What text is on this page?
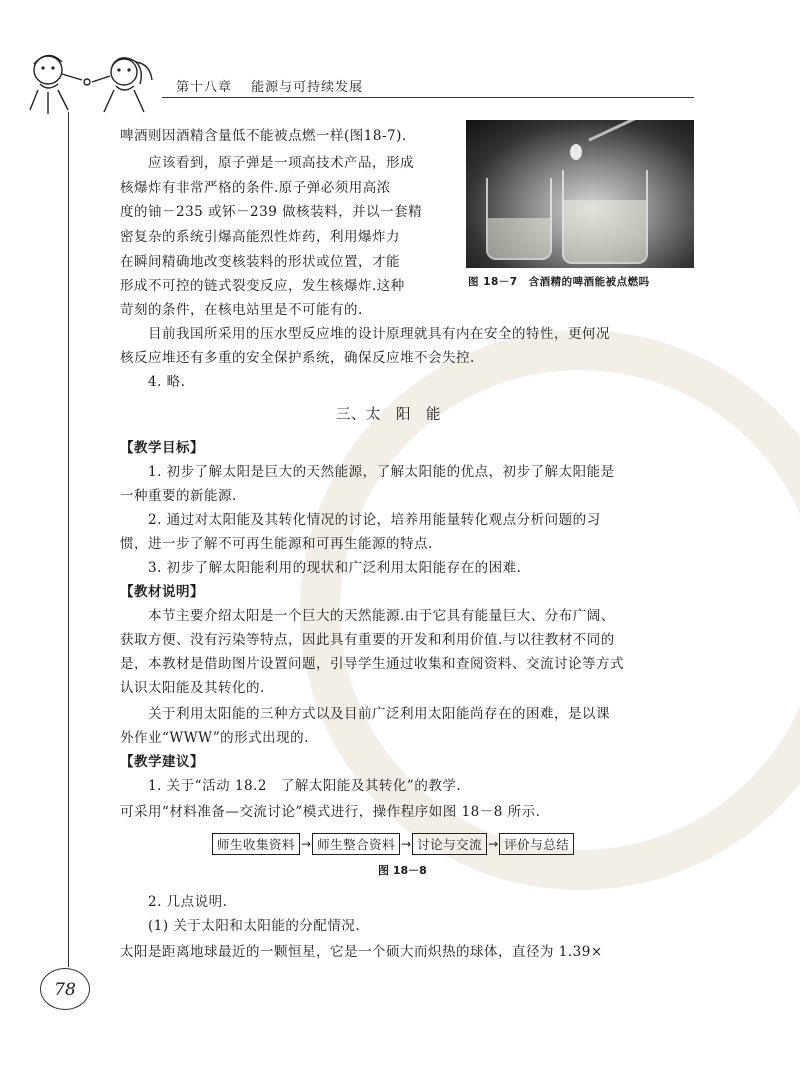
第十八章　 能源与可持续发展
图 18－7　含酒精的啤酒能被点燃吗
啤酒则因酒精含量低不能被点燃一样(图18-7).
应该看到，原子弹是一项高技术产品，形成
核爆炸有非常严格的条件.原子弹必须用高浓
度的铀－235 或钚－239 做核装料，并以一套精
密复杂的系统引爆高能烈性炸药，利用爆炸力
在瞬间精确地改变核装料的形状或位置，才能
形成不可控的链式裂变反应，发生核爆炸.这种
苛刻的条件，在核电站里是不可能有的.
目前我国所采用的压水型反应堆的设计原理就具有内在安全的特性，更何况
核反应堆还有多重的安全保护系统，确保反应堆不会失控.
4. 略.
三、太　阳　能
【教学目标】
1. 初步了解太阳是巨大的天然能源，了解太阳能的优点，初步了解太阳能是
一种重要的新能源.
2. 通过对太阳能及其转化情况的讨论，培养用能量转化观点分析问题的习
惯，进一步了解不可再生能源和可再生能源的特点.
3. 初步了解太阳能利用的现状和广泛利用太阳能存在的困难.
【教材说明】
本节主要介绍太阳是一个巨大的天然能源.由于它具有能量巨大、分布广阔、
获取方便、没有污染等特点，因此具有重要的开发和利用价值.与以往教材不同的
是，本教材是借助图片设置问题，引导学生通过收集和查阅资料、交流讨论等方式
认识太阳能及其转化的.
关于利用太阳能的三种方式以及目前广泛利用太阳能尚存在的困难，是以课
外作业“WWW”的形式出现的.
【教学建议】
1. 关于“活动 18.2　了解太阳能及其转化”的教学.
可采用“材料准备—交流讨论”模式进行，操作程序如图 18－8 所示.
2. 几点说明.
(1) 关于太阳和太阳能的分配情况.
太阳是距离地球最近的一颗恒星，它是一个硕大而炽热的球体，直径为 1.39×
师生收集资料 → 师生整合资料 → 讨论与交流 → 评价与总结
图 18－8
78
